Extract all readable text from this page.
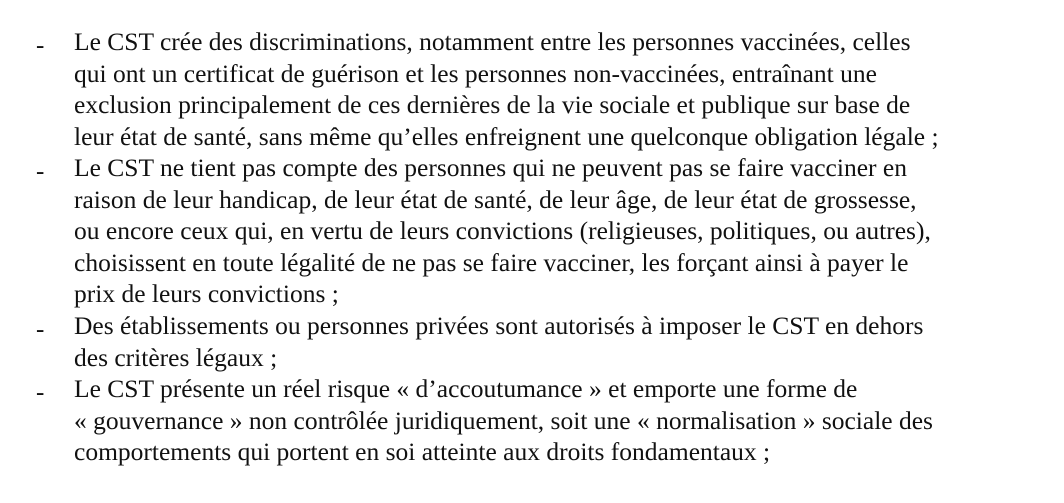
- Le CST crée des discriminations, notamment entre les personnes vaccinées, celles
qui ont un certificat de guérison et les personnes non-vaccinées, entraînant une
exclusion principalement de ces dernières de la vie sociale et publique sur base de
leur état de santé, sans même qu’elles enfreignent une quelconque obligation légale ;
- Le CST ne tient pas compte des personnes qui ne peuvent pas se faire vacciner en
raison de leur handicap, de leur état de santé, de leur âge, de leur état de grossesse,
ou encore ceux qui, en vertu de leurs convictions (religieuses, politiques, ou autres),
choisissent en toute légalité de ne pas se faire vacciner, les forçant ainsi à payer le
prix de leurs convictions ;
- Des établissements ou personnes privées sont autorisés à imposer le CST en dehors
des critères légaux ;
- Le CST présente un réel risque « d’accoutumance » et emporte une forme de
« gouvernance » non contrôlée juridiquement, soit une « normalisation » sociale des
comportements qui portent en soi atteinte aux droits fondamentaux ;
